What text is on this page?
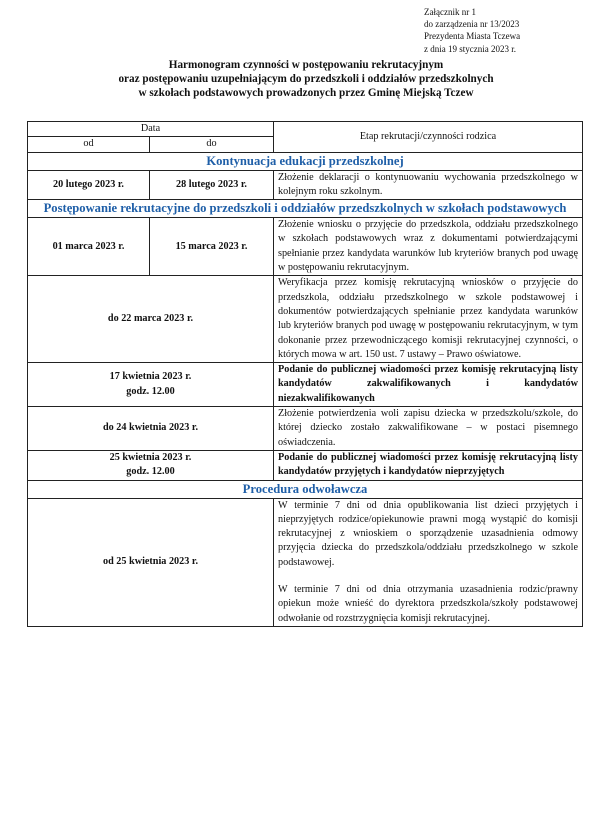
Załącznik nr 1
do zarządzenia nr 13/2023
Prezydenta Miasta Tczewa
z dnia 19 stycznia 2023 r.
Harmonogram czynności w postępowaniu rekrutacyjnym
oraz postępowaniu uzupełniającym do przedszkoli i oddziałów przedszkolnych
w szkołach podstawowych prowadzonych przez Gminę Miejską Tczew
Data		Etap rekrutacji/czynności rodzica
od	do	
Kontynuacja edukacji przedszkolnej		
20 lutego 2023 r.	28 lutego 2023 r.	Złożenie deklaracji o kontynuowaniu wychowania przedszkolnego w kolejnym roku szkolnym.
Postępowanie rekrutacyjne do przedszkoli i oddziałów przedszkolnych w szkołach podstawowych		
01 marca 2023 r.	15 marca 2023 r.	Złożenie wniosku o przyjęcie do przedszkola, oddziału przedszkolnego w szkołach podstawowych wraz z dokumentami potwierdzającymi spełnianie przez kandydata warunków lub kryteriów branych pod uwagę w postępowaniu rekrutacyjnym.
do 22 marca 2023 r.		Weryfikacja przez komisję rekrutacyjną wniosków o przyjęcie do przedszkola, oddziału przedszkolnego w szkole podstawowej i dokumentów potwierdzających spełnianie przez kandydata warunków lub kryteriów branych pod uwagę w postępowaniu rekrutacyjnym, w tym dokonanie przez przewodniczącego komisji rekrutacyjnej czynności, o których mowa w art. 150 ust. 7 ustawy – Prawo oświatowe.

17 kwietnia 2023 r.
godz. 12.00		Podanie do publicznej wiadomości przez komisję rekrutacyjną listy kandydatów zakwalifikowanych i kandydatów niezakwalifikowanych
do 24 kwietnia 2023 r.		Złożenie potwierdzenia woli zapisu dziecka w przedszkolu/szkole, do której dziecko zostało zakwalifikowane – w postaci pisemnego oświadczenia.

25 kwietnia 2023 r.
godz. 12.00		Podanie do publicznej wiadomości przez komisję rekrutacyjną listy kandydatów przyjętych i kandydatów nieprzyjętych
Procedura odwoławcza		
od 25 kwietnia 2023 r.		W terminie 7 dni od dnia opublikowania list dzieci przyjętych i nieprzyjętych rodzice/opiekunowie prawni mogą wystąpić do komisji rekrutacyjnej z wnioskiem o sporządzenie uzasadnienia odmowy przyjęcia dziecka do przedszkola/oddziału przedszkolnego w szkole podstawowej.
W terminie 7 dni od dnia otrzymania uzasadnienia rodzic/prawny opiekun może wnieść do dyrektora przedszkola/szkoły podstawowej odwołanie od rozstrzygnięcia komisji rekrutacyjnej.
